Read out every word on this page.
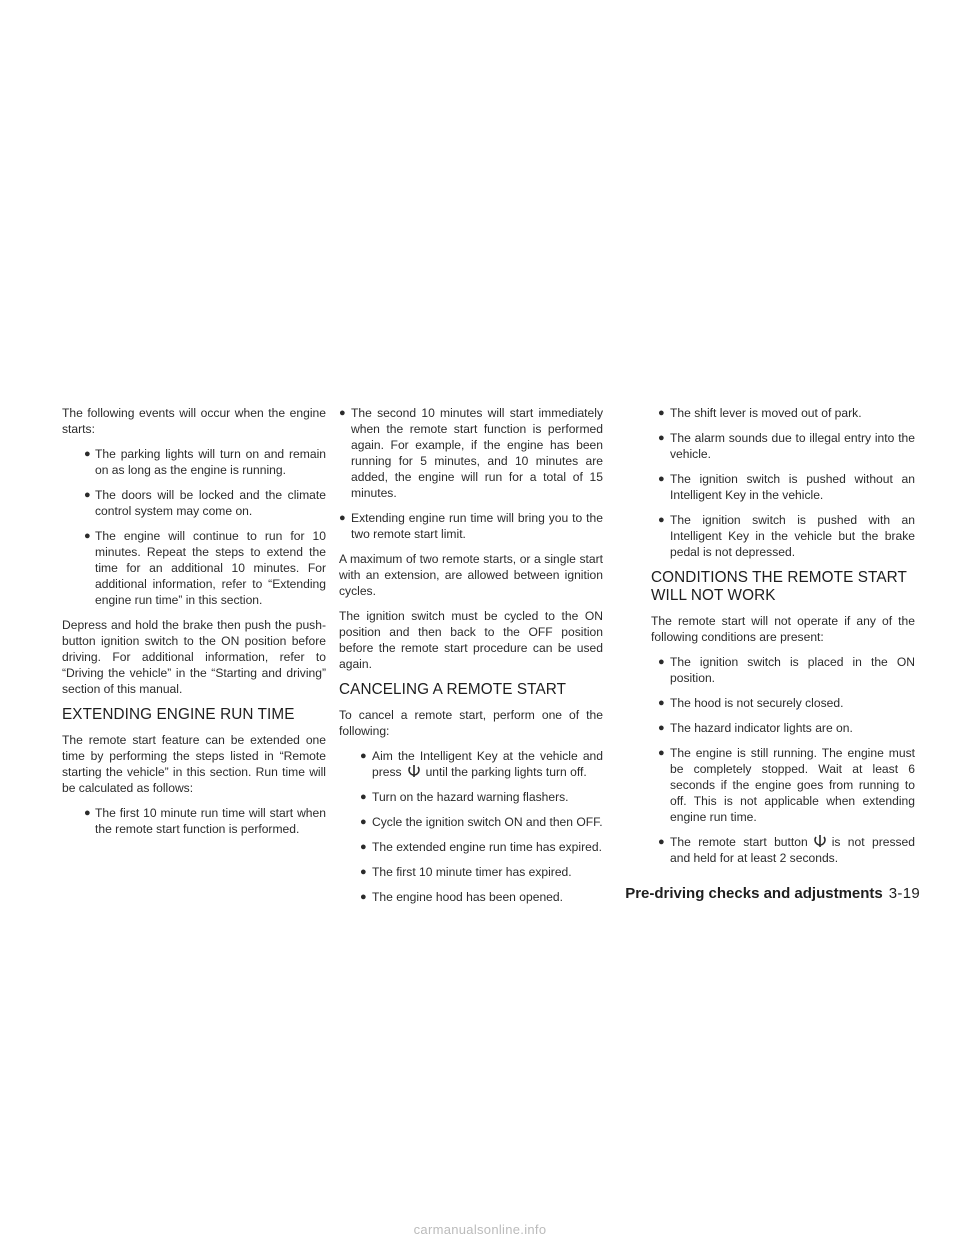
The following events will occur when the engine starts:

● The parking lights will turn on and remain on as long as the engine is running.
● The doors will be locked and the climate control system may come on.
● The engine will continue to run for 10 minutes. Repeat the steps to extend the time for an additional 10 minutes. For additional information, refer to “Extending engine run time” in this section.

Depress and hold the brake then push the push-button ignition switch to the ON position before driving. For additional information, refer to “Driving the vehicle” in the “Starting and driving” section of this manual.

EXTENDING ENGINE RUN TIME

The remote start feature can be extended one time by performing the steps listed in “Remote starting the vehicle” in this section. Run time will be calculated as follows:

● The first 10 minute run time will start when the remote start function is performed.
● The second 10 minutes will start immediately when the remote start function is performed again. For example, if the engine has been running for 5 minutes, and 10 minutes are added, the engine will run for a total of 15 minutes.
● Extending engine run time will bring you to the two remote start limit.

A maximum of two remote starts, or a single start with an extension, are allowed between ignition cycles.

The ignition switch must be cycled to the ON position and then back to the OFF position before the remote start procedure can be used again.

CANCELING A REMOTE START

To cancel a remote start, perform one of the following:

● Aim the Intelligent Key at the vehicle and press until the parking lights turn off.
● Turn on the hazard warning flashers.
● Cycle the ignition switch ON and then OFF.
● The extended engine run time has expired.
● The first 10 minute timer has expired.
● The engine hood has been opened.
● The shift lever is moved out of park.
● The alarm sounds due to illegal entry into the vehicle.
● The ignition switch is pushed without an Intelligent Key in the vehicle.
● The ignition switch is pushed with an Intelligent Key in the vehicle but the brake pedal is not depressed.
CONDITIONS THE REMOTE START
WILL NOT WORK

The remote start will not operate if any of the following conditions are present:

● The ignition switch is placed in the ON position.
● The hood is not securely closed.
● The hazard indicator lights are on.
● The engine is still running. The engine must be completely stopped. Wait at least 6 seconds if the engine goes from running to off. This is not applicable when extending engine run time.
● The remote start button is not pressed and held for at least 2 seconds.
Pre-driving checks and adjustments 3-19
carmanualsonline.info
